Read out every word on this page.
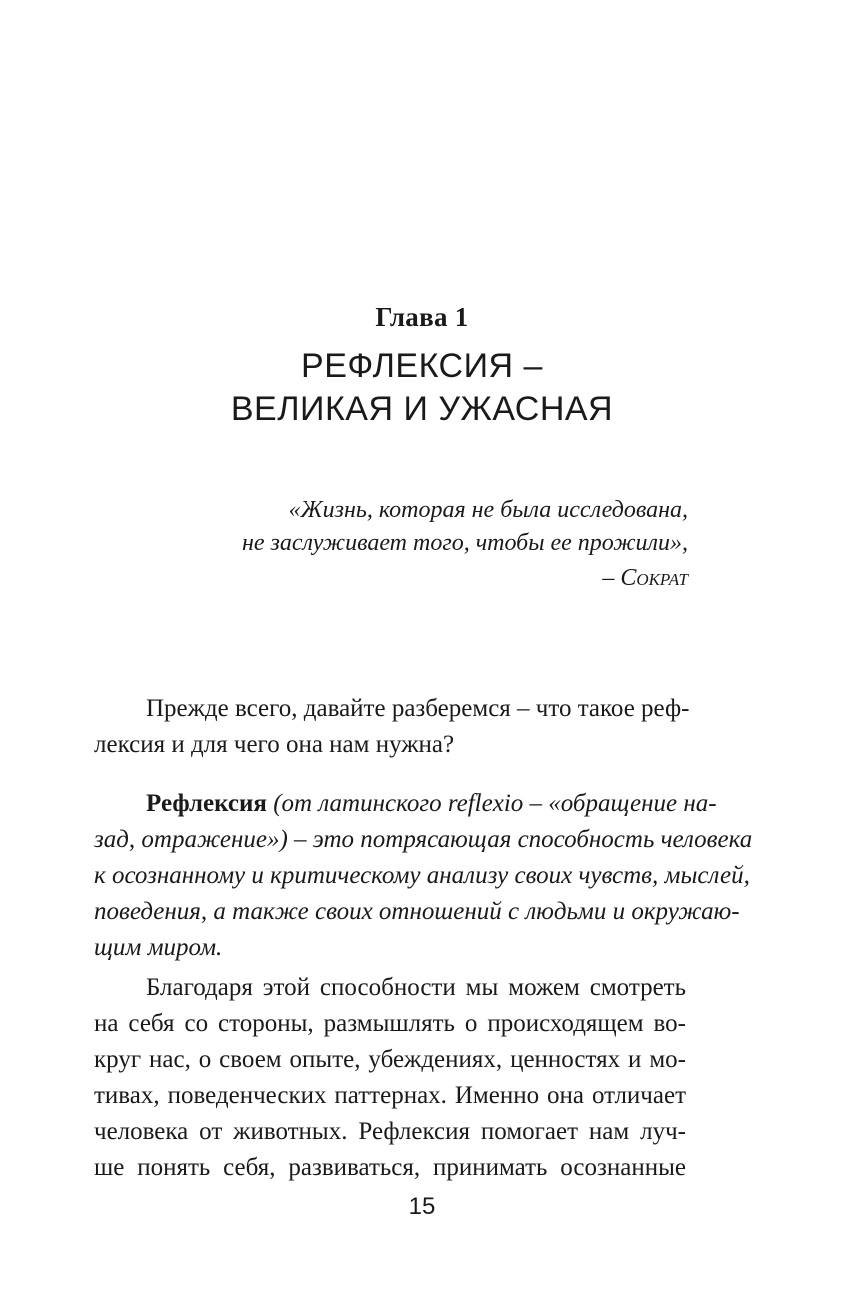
Глава 1
РЕФЛЕКСИЯ –
ВЕЛИКАЯ И УЖАСНАЯ
«Жизнь, которая не была исследована,
не заслуживает того, чтобы ее прожили»,
– Сократ
Прежде всего, давайте разберемся – что такое реф-
лексия и для чего она нам нужна?
Рефлексия (от латинского reflexio – «обращение на-
зад, отражение») – это потрясающая способность человека
к осознанному и критическому анализу своих чувств, мыслей,
поведения, а также своих отношений с людьми и окружаю-
щим миром.
Благодаря этой способности мы можем смотреть
на себя со стороны, размышлять о происходящем во-
круг нас, о своем опыте, убеждениях, ценностях и мо-
тивах, поведенческих паттернах. Именно она отличает
человека от животных. Рефлексия помогает нам луч-
ше понять себя, развиваться, принимать осознанные
15
